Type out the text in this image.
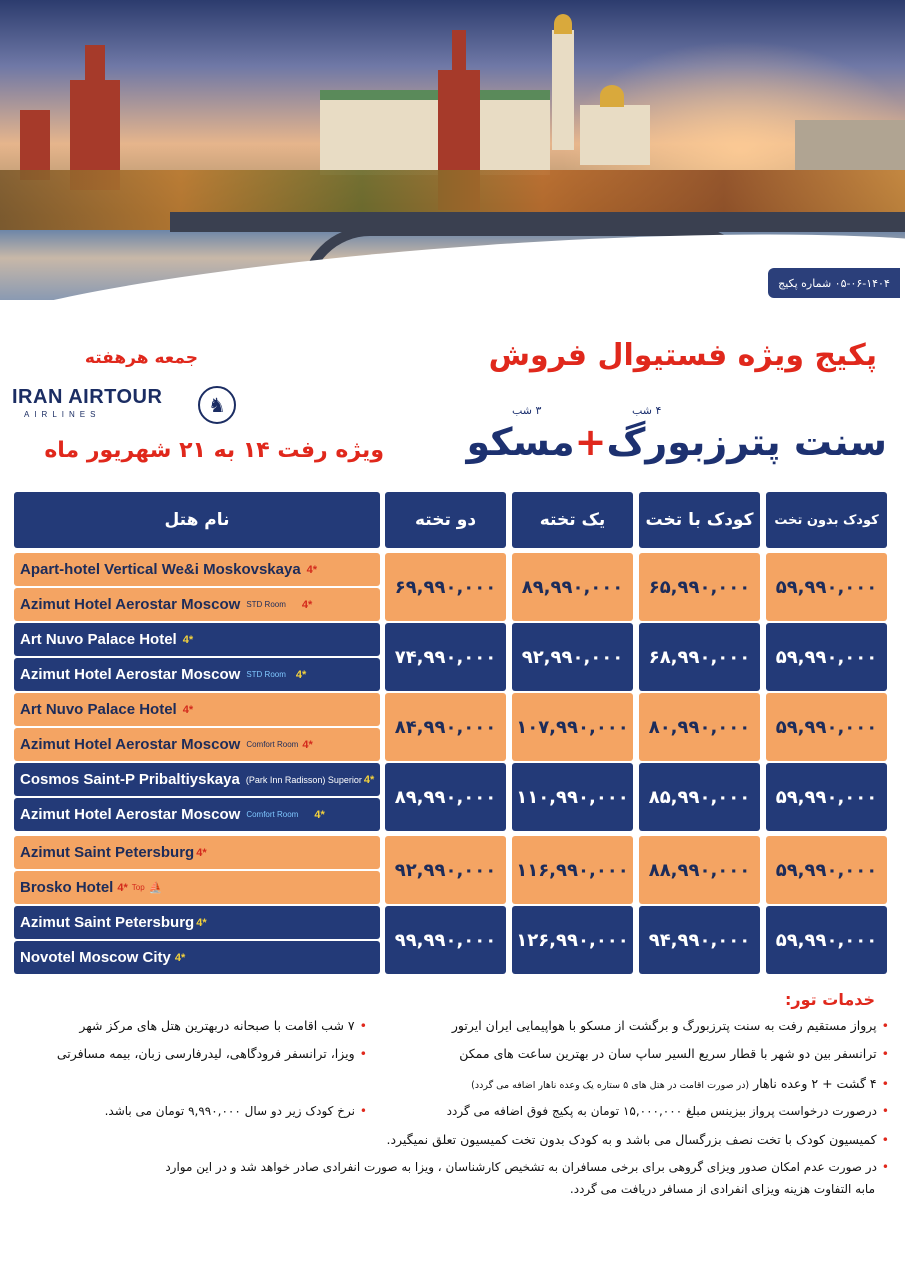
۰۵-۰۶-۱۴۰۴ شماره پکیج
پکیج ویژه فستیوال فروش
۴ شب
۳ شب
سنت پترزبورگ+مسکو
جمعه هرهفته
IRAN AIRTOUR
AIRLINES	♞
ویژه رفت ۱۴ به ۲۱ شهریور ماه
نام هتل	دو تخته	یک تخته	کودک با تخت	کودک بدون تخت
Apart-hotel Vertical We&i Moskovskaya 4*
Azimut Hotel Aerostar Moscow STD Room 4*
۶۹,۹۹۰,۰۰۰	۸۹,۹۹۰,۰۰۰	۶۵,۹۹۰,۰۰۰	۵۹,۹۹۰,۰۰۰
Art Nuvo Palace Hotel 4*
Azimut Hotel Aerostar Moscow STD Room 4*
۷۴,۹۹۰,۰۰۰	۹۲,۹۹۰,۰۰۰	۶۸,۹۹۰,۰۰۰	۵۹,۹۹۰,۰۰۰
Art Nuvo Palace Hotel 4*
Azimut Hotel Aerostar Moscow Comfort Room 4*
۸۴,۹۹۰,۰۰۰	۱۰۷,۹۹۰,۰۰۰	۸۰,۹۹۰,۰۰۰	۵۹,۹۹۰,۰۰۰
Cosmos Saint-P Pribaltiyskaya (Park Inn Radisson) Superior 4*
Azimut Hotel Aerostar Moscow Comfort Room 4*
۸۹,۹۹۰,۰۰۰	۱۱۰,۹۹۰,۰۰۰	۸۵,۹۹۰,۰۰۰	۵۹,۹۹۰,۰۰۰
Azimut Saint Petersburg 4*
Brosko Hotel 4* Top ⛵
۹۲,۹۹۰,۰۰۰	۱۱۶,۹۹۰,۰۰۰	۸۸,۹۹۰,۰۰۰	۵۹,۹۹۰,۰۰۰
Azimut Saint Petersburg 4*
Novotel Moscow City 4*
۹۹,۹۹۰,۰۰۰	۱۲۶,۹۹۰,۰۰۰	۹۴,۹۹۰,۰۰۰	۵۹,۹۹۰,۰۰۰
خدمات تور:
•پرواز مستقیم رفت به سنت پترزبورگ و برگشت از مسکو با هواپیمایی ایران ایرتور
•۷ شب اقامت با صبحانه دربهترین هتل های مرکز شهر
•ترانسفر بین دو شهر با قطار سریع السیر ساپ سان در بهترین ساعت های ممکن
•ویزا، ترانسفر فرودگاهی، لیدرفارسی زبان، بیمه مسافرتی
•۴ گشت + ۲ وعده ناهار (در صورت اقامت در هتل های ۵ ستاره یک وعده ناهار اضافه می گردد)
•درصورت درخواست پرواز بیزینس مبلغ ۱۵,۰۰۰,۰۰۰ تومان به پکیج فوق اضافه می گردد
•نرخ کودک زیر دو سال ۹,۹۹۰,۰۰۰ تومان می باشد.
•کمیسیون کودک با تخت نصف بزرگسال می باشد و به کودک بدون تخت کمیسیون تعلق نمیگیرد.
•در صورت عدم امکان صدور ویزای گروهی برای برخی مسافران به تشخیص کارشناسان ، ویزا به صورت انفرادی صادر خواهد شد و در این موارد
مابه التفاوت هزینه ویزای انفرادی از مسافر دریافت می گردد.
